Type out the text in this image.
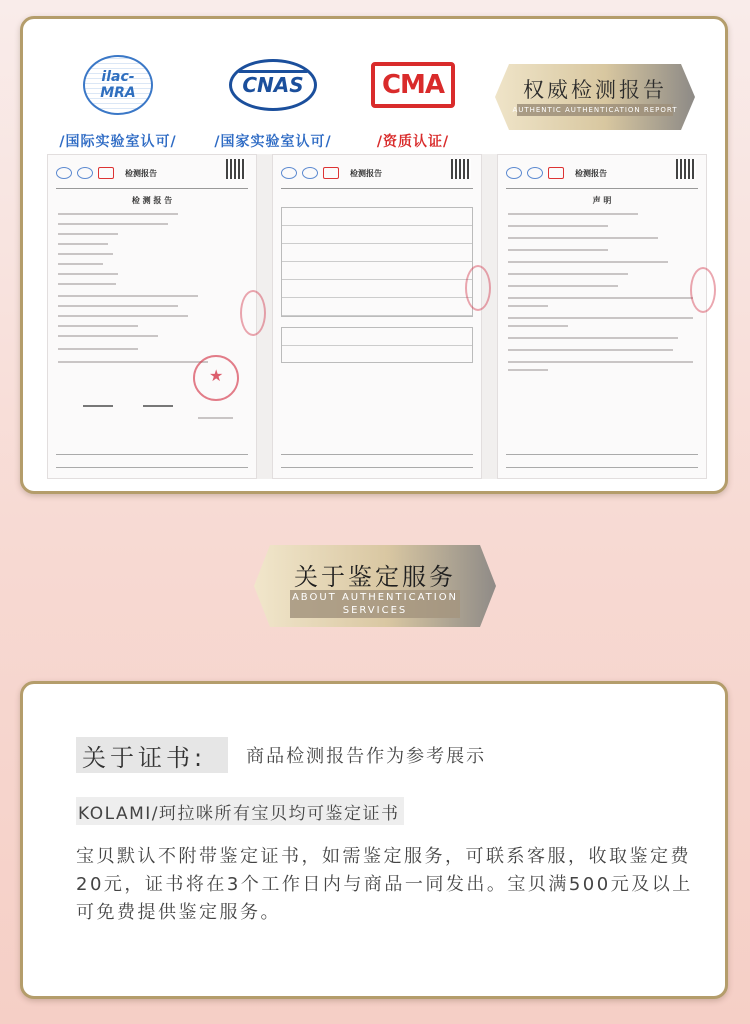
ilac-MRA
/国际实验室认可/
CNAS
/国家实验室认可/
CMA
/资质认证/
权威检测报告
AUTHENTIC AUTHENTICATION REPORT
检测报告
检 测 报 告
★
检测报告	检测报告
声 明
关于鉴定服务
ABOUT AUTHENTICATION
SERVICES
关于证书:	商品检测报告作为参考展示
KOLAMI/珂拉咪所有宝贝均可鉴定证书
宝贝默认不附带鉴定证书，如需鉴定服务，可联系客服，收取鉴定费20元，证书将在3个工作日内与商品一同发出。宝贝满500元及以上可免费提供鉴定服务。
